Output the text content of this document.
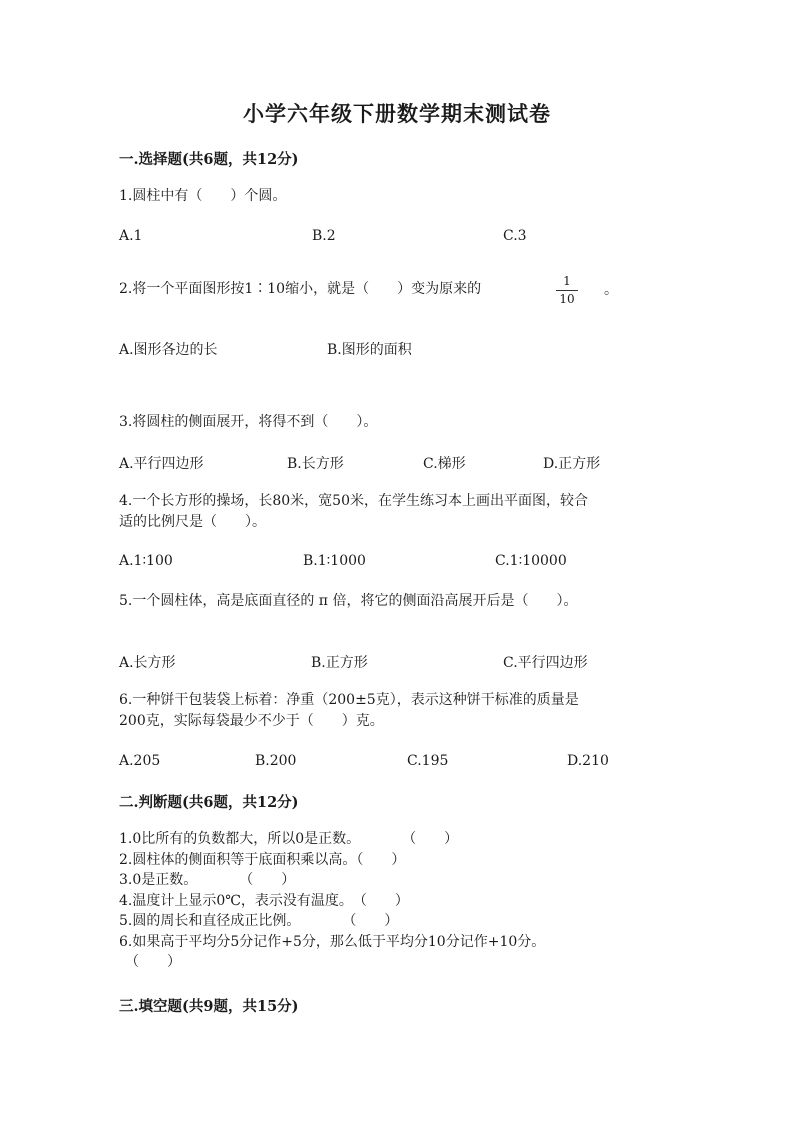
小学六年级下册数学期末测试卷
一.选择题(共6题，共12分)
1.圆柱中有（　　）个圆。
A.1	B.2	C.3
2.将一个平面图形按1∶10缩小，就是（　　）变为原来的	1
10
。
A.图形各边的长	B.图形的面积
3.将圆柱的侧面展开，将得不到（　　）。
A.平行四边形	B.长方形	C.梯形	D.正方形
4.一个长方形的操场，长80米，宽50米，在学生练习本上画出平面图，较合
适的比例尺是（　　）。
A.1∶100	B.1∶1000	C.1∶10000
5.一个圆柱体，高是底面直径的 π 倍，将它的侧面沿高展开后是（　　）。
A.长方形	B.正方形	C.平行四边形
6.一种饼干包装袋上标着：净重（200±5克），表示这种饼干标准的质量是
200克，实际每袋最少不少于（　　）克。
A.205	B.200	C.195	D.210
二.判断题(共6题，共12分)
1.0比所有的负数都大，所以0是正数。　　　　（　　）
2.圆柱体的侧面积等于底面积乘以高。（　　）
3.0是正数。　　　　（　　）
4.温度计上显示0℃，表示没有温度。　（　　）
5.圆的周长和直径成正比例。　　　　（　　）
6.如果高于平均分5分记作+5分，那么低于平均分10分记作+10分。
（　　）
三.填空题(共9题，共15分)
